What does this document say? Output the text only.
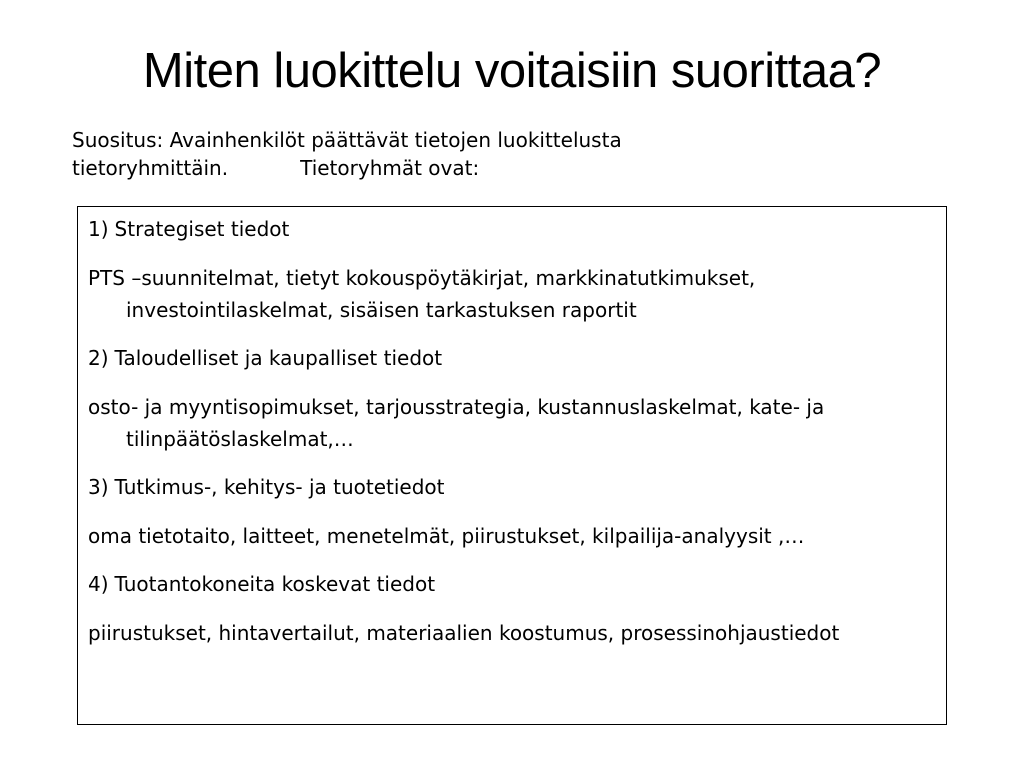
Miten luokittelu voitaisiin suorittaa?
Suositus: Avainhenkilöt päättävät tietojen luokittelusta
tietoryhmittäin.	Tietoryhmät ovat:
1) Strategiset tiedot
PTS –suunnitelmat, tietyt kokouspöytäkirjat, markkinatutkimukset, investointilaskelmat, sisäisen tarkastuksen raportit
2) Taloudelliset ja kaupalliset tiedot
osto- ja myyntisopimukset, tarjousstrategia, kustannuslaskelmat, kate- ja tilinpäätöslaskelmat,…
3) Tutkimus-, kehitys- ja tuotetiedot
oma tietotaito, laitteet, menetelmät, piirustukset, kilpailija-analyysit ,…
4) Tuotantokoneita koskevat tiedot
piirustukset, hintavertailut, materiaalien koostumus, prosessinohjaustiedot
